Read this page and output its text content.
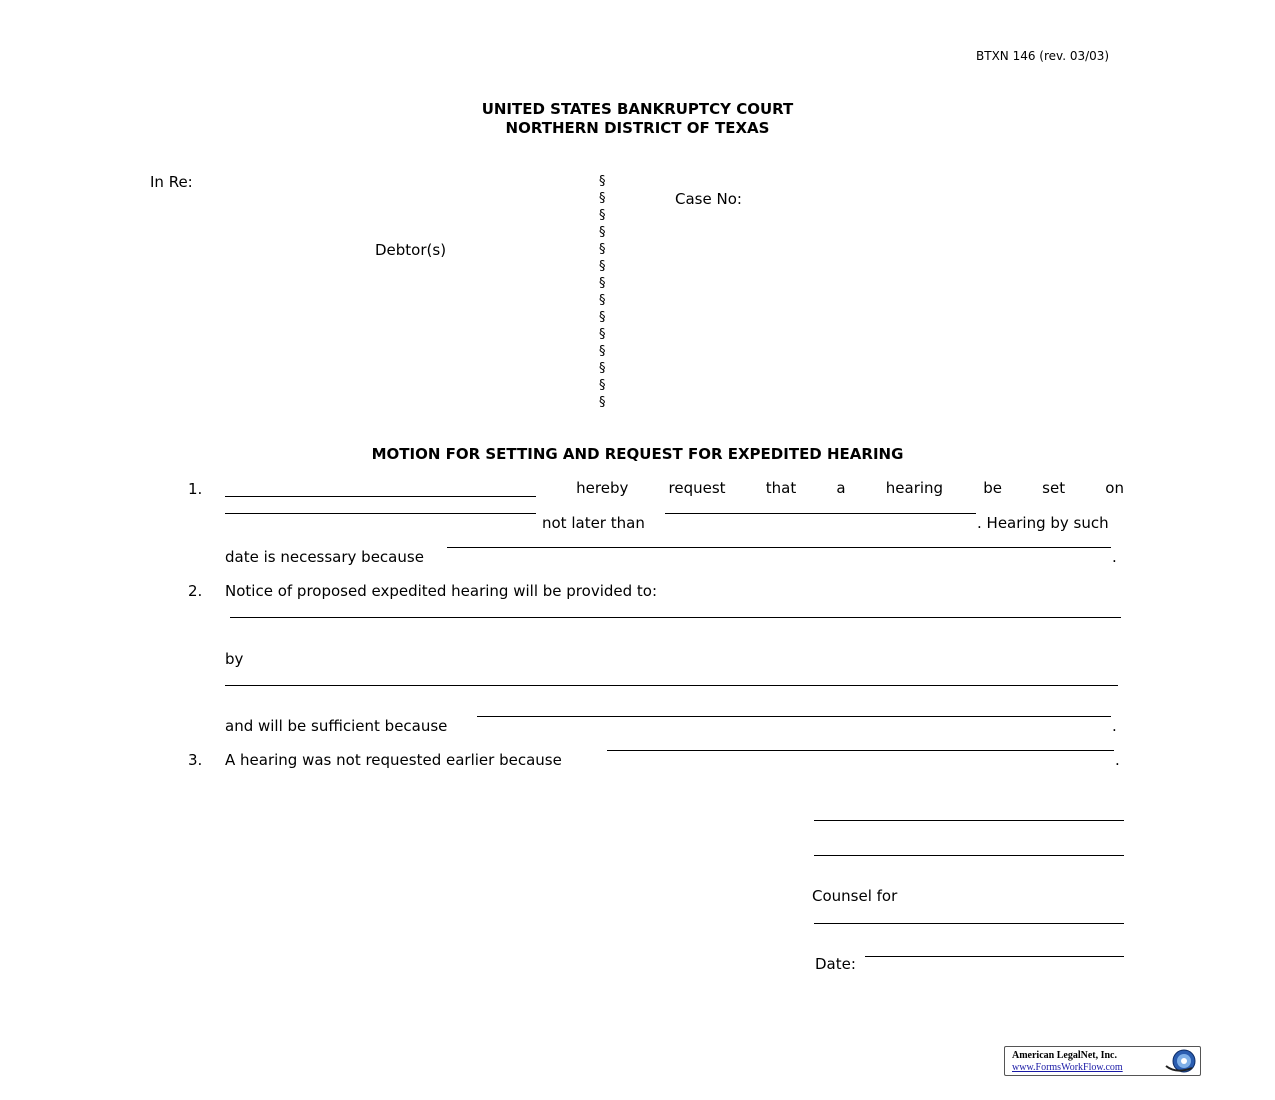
BTXN 146 (rev. 03/03)
UNITED STATES BANKRUPTCY COURT
NORTHERN DISTRICT OF TEXAS
In Re:
Debtor(s)
Case No:
§
§
§
§
§
§
§
§
§
§
§
§
§
§
MOTION FOR SETTING AND REQUEST FOR EXPEDITED HEARING
1.	hereby	request	that	a	hearing	be	set	on
not later than	. Hearing by such
date is necessary because	.
2. Notice of proposed expedited hearing will be provided to:
by
and will be sufficient because	.
3. A hearing was not requested earlier because	.
Counsel for
Date:
American LegalNet, Inc.
www.FormsWorkFlow.com
